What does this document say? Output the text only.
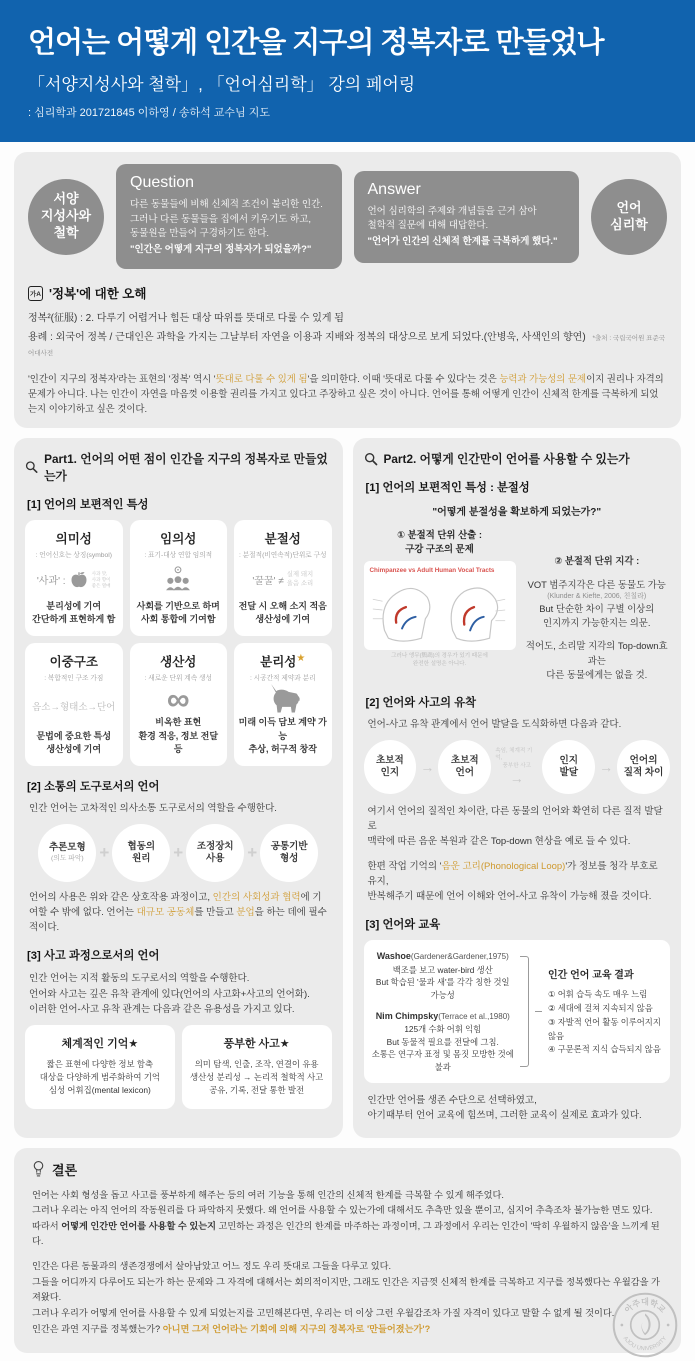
언어는 어떻게 인간을 지구의 정복자로 만들었나
「서양지성사와 철학」, 「언어심리학」 강의 페어링
: 심리학과 201721845 이하영 / 송하석 교수님 지도
서양
지성사와
철학
Question
다른 동물들에 비해 신체적 조건이 불리한 인간.
그러나 다른 동물들을 집에서 키우기도 하고,
동물원을 만들어 구경하기도 한다.
"인간은 어떻게 지구의 정복자가 되었을까?"
Answer
언어 심리학의 주제와 개념들을 근거 삼아
철학적 질문에 대해 대답한다.
"언어가 인간의 신체적 한계를 극복하게 했다."
언어
심리학
가A '정복'에 대한 오해
정복²(征服) : 2. 다루기 어렵거나 힘든 대상 따위를 뜻대로 다룰 수 있게 됨
용례 : 외국어 정복 / 근대인은 과학을 가지는 그날부터 자연을 이용과 지배와 정복의 대상으로 보게 되었다.(안병욱, 사색인의 향연) *출처 : 국립국어원 표준국어대사전
'인간이 지구의 정복자'라는 표현의 '정복' 역시 '뜻대로 다룰 수 있게 됨'을 의미한다. 이때 '뜻대로 다룰 수 있다'는 것은 능력과 가능성의 문제이지 권리나 자격의 문제가 아니다. 나는 인간이 자연을 마음껏 이용할 권리를 가지고 있다고 주장하고 싶은 것이 아니다. 언어를 통해 어떻게 인간이 신체적 한계를 극복하게 되었는지 이야기하고 싶은 것이다.
Part1. 언어의 어떤 점이 인간을 지구의 정복자로 만들었는가
[1] 언어의 보편적인 특성
의미성
: 언어신호는 상징(symbol)
'사과' :
사과 맛,
사과 향이
좋은 열매
분리성에 기여
간단하게 표현하게 함
임의성
: 표기-대상 연합 임의적
사회를 기반으로 하며
사회 통합에 기여함
분절성
: 분절적(비연속적)단위로 구성
'꿀꿀' ≠
실제 돼지
울음 소리
전달 시 오해 소지 적음
생산성에 기여
이중구조
: 복합적인 구조 가짐
음소→형태소→단어
문법에 중요한 특성
생산성에 기여
생산성
: 새로운 단위 계속 생성
∞
비옥한 표현
환경 적응, 정보 전달 등
분리성★
: 시공간적 제약과 분리
미래 이득 담보 계약 가능
추상, 허구적 창작
[2] 소통의 도구로서의 언어
인간 언어는 고차적인 의사소통 도구로서의 역할을 수행한다.
추론모형
(의도 파악) + 협동의
원리 + 조정장치
사용 + 공통기반
형성
언어의 사용은 위와 같은 상호작용 과정이고, 인간의 사회성과 협력에 기여할 수 밖에 없다. 언어는 대규모 공동체를 만들고 분업을 하는 데에 필수적이다.
[3] 사고 과정으로서의 언어
인간 언어는 지적 활동의 도구로서의 역할을 수행한다.
언어와 사고는 깊은 유착 관계에 있다(언어의 사고화+사고의 언어화).
이러한 언어-사고 유착 관계는 다음과 같은 유용성을 가지고 있다.
체계적인 기억★
짧은 표현에 다양한 정보 함축
대상을 다양하게 범주화하여 기억
심성 어휘집(mental lexicon)
풍부한 사고★
의미 탐색, 인출, 조작, 연결이 유용
생산성 분리성 → 논리적 철학적 사고
공유, 기록, 전달 통한 발전
Part2. 어떻게 인간만이 언어를 사용할 수 있는가
[1] 언어의 보편적인 특성 : 분절성
"어떻게 분절성을 확보하게 되었는가?"
① 분절적 단위 산출 :
구강 구조의 문제
Chimpanzee vs Adult Human Vocal Tracts
그러나 앵무(鸚鵡)의 경우가 있기 때문에
완전한 설명은 아니다.
② 분절적 단위 지각 :
VOT 범주지각은 다른 동물도 가능
(Klunder & Kiefte, 2006, 친칠라)
But 단순한 차이 구별 이상의
인지까지 가능한지는 의문.
적어도, 소리말 지각의 Top-down효과는
다른 동물에게는 없을 것.
[2] 언어와 사고의 유착
언어-사고 유착 관계에서 언어 발달을 도식화하면 다음과 같다.
초보적
인지 → 초보적
언어
속임, 체계적 기억,
풍부한 사고
→
인지
발달 → 언어의
질적 차이
여기서 언어의 질적인 차이란, 다른 동물의 언어와 확연히 다른 질적 발달로
맥락에 따른 음운 복원과 같은 Top-down 현상을 예로 들 수 있다.
한편 작업 기억의 '음운 고리(Phonological Loop)'가 정보를 청각 부호로 유지,
반복해주기 때문에 언어 이해와 언어-사고 유착이 가능해 졌을 것이다.
[3] 언어와 교육
Washoe(Gardener&Gardener,1975)
백조를 보고 water-bird 생산
But 학습된 '물과 새'를 각각 칭한 것일 가능성
Nim Chimpsky(Terrace et al.,1980)
125개 수화 어휘 익힘
But 동물적 필요를 전달에 그침.
소통은 연구자 표정 및 몸짓 모방한 것에 불과
인간 언어 교육 결과
① 어휘 습득 속도 매우 느림
② 세대에 걸쳐 지속되지 않음
③ 자발적 언어 활동 이루어지지 않음
④ 구문론적 지식 습득되지 않음
인간만 언어를 생존 수단으로 선택하였고,
아기때부터 언어 교육에 힘쓰며, 그러한 교육이 실제로 효과가 있다.
결론
언어는 사회 형성을 돕고 사고를 풍부하게 해주는 등의 여러 기능을 통해 인간의 신체적 한계를 극복할 수 있게 해주었다.
그러나 우리는 아직 언어의 작동원리를 다 파악하지 못했다. 왜 언어를 사용할 수 있는가에 대해서도 추측만 있을 뿐이고, 심지어 추측조차 불가능한 면도 있다.
따라서 어떻게 인간만 언어를 사용할 수 있는지 고민하는 과정은 인간의 한계를 마주하는 과정이며, 그 과정에서 우리는 인간이 '딱히 우월하지 않음'을 느끼게 된다.
인간은 다른 동물과의 생존경쟁에서 살아남았고 어느 정도 우리 뜻대로 그들을 다루고 있다.
그들을 어디까지 다루어도 되는가 하는 문제와 그 자격에 대해서는 회의적이지만, 그래도 인간은 지금껏 신체적 한계를 극복하고 지구를 정복했다는 우월감을 가져왔다.
그러나 우리가 어떻게 언어를 사용할 수 있게 되었는지를 고민해본다면, 우리는 더 이상 그런 우월감조차 가질 자격이 있다고 말할 수 없게 될 것이다.
인간은 과연 지구를 정복했는가? 아니면 그저 언어라는 기회에 의해 지구의 정복자로 '만들어졌는가'?
아주대학교
AJOU UNIVERSITY
